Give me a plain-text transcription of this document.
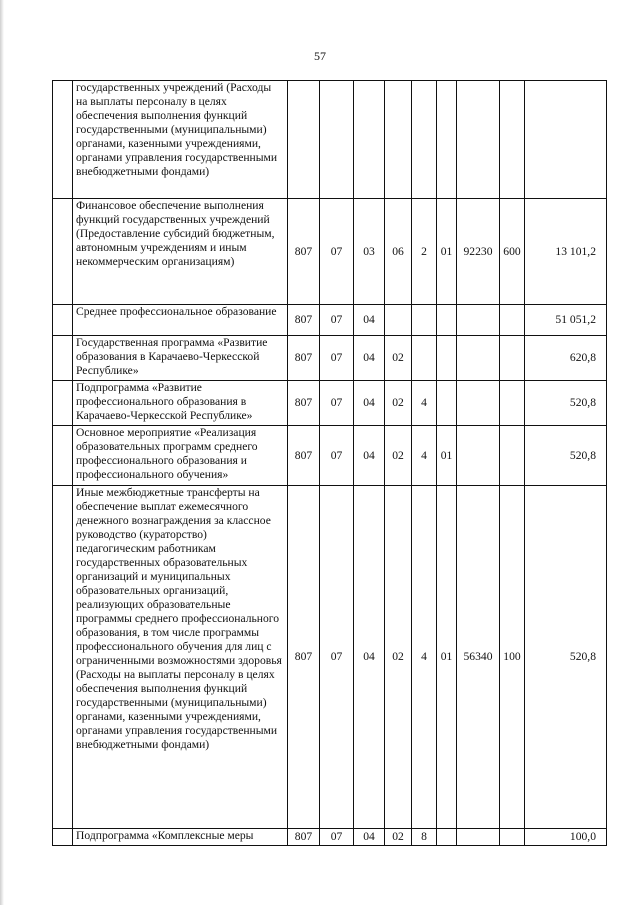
57
	государственных учреждений (Расходы на выплаты персоналу в целях обеспечения выполнения функций государственными (муниципальными) органами, казенными учреждениями, органами управления государственными внебюджетными фондами)									
	Финансовое обеспечение выполнения функций государственных учреждений (Предоставление субсидий бюджетным, автономным учреждениям и иным некоммерческим организациям)	807	07	03	06	2	01	92230	600	13 101,2
	Среднее профессиональное образование	807	07	04						51 051,2
	Государственная программа «Развитие образования в Карачаево-Черкесской Республике»	807	07	04	02					620,8
	Подпрограмма «Развитие профессионального образования в Карачаево-Черкесской Республике»	807	07	04	02	4				520,8
	Основное мероприятие «Реализация образовательных программ среднего профессионального образования и профессионального обучения»	807	07	04	02	4	01			520,8
	Иные межбюджетные трансферты на обеспечение выплат ежемесячного денежного вознаграждения за классное руководство (кураторство) педагогическим работникам государственных образовательных организаций и муниципальных образовательных организаций, реализующих образовательные программы среднего профессионального образования, в том числе программы профессионального обучения для лиц с ограниченными возможностями здоровья (Расходы на выплаты персоналу в целях обеспечения выполнения функций государственными (муниципальными) органами, казенными учреждениями, органами управления государственными внебюджетными фондами)	807	07	04	02	4	01	56340	100	520,8
	Подпрограмма «Комплексные меры	807	07	04	02	8				100,0
